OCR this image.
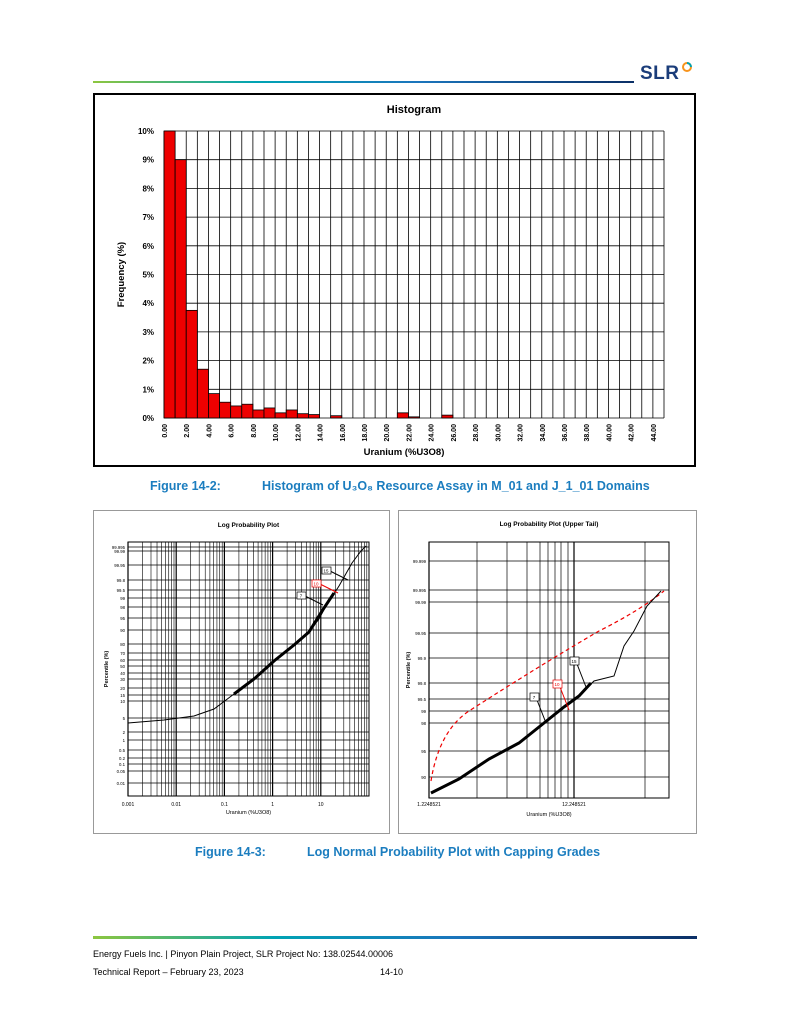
SLR
Histogram
0%
1%
2%
3%
4%
5%
6%
7%
8%
9%
10%
0.00 2.00 4.00 6.00 8.00 10.00 12.00 14.00 16.00 18.00 20.00 22.00 24.00 26.00 28.00 30.00 32.00 34.00 36.00 38.00 40.00 42.00 44.00
Uranium (%U3O8)
Frequency (%)
Figure 14-2:	Histogram of U₃O₈ Resource Assay in M_01 and J_1_01 Domains
Log Probability Plot
0.001	0.01	0.1	1	10
99.995
99.99
99.95
99.8
99.5
99
98
95
90
80
70
60
50
40
30
20
15
10
5
2
1
0.5
0.2
0.1
0.05
0.01
Uranium (%U3O8)
Percentile (%)
7
10
15
Log Probability Plot (Upper Tail)
1.2248521	12.248521
99.999
99.995
99.99
99.95
99.9
99.8
99.5
99
98
95
90
Uranium (%U3O8)
Percentile (%)
7
10
15
Figure 14-3:	Log Normal Probability Plot with Capping Grades
Energy Fuels Inc. | Pinyon Plain Project, SLR Project No: 138.02544.00006
Technical Report – February 23, 2023	14-10
